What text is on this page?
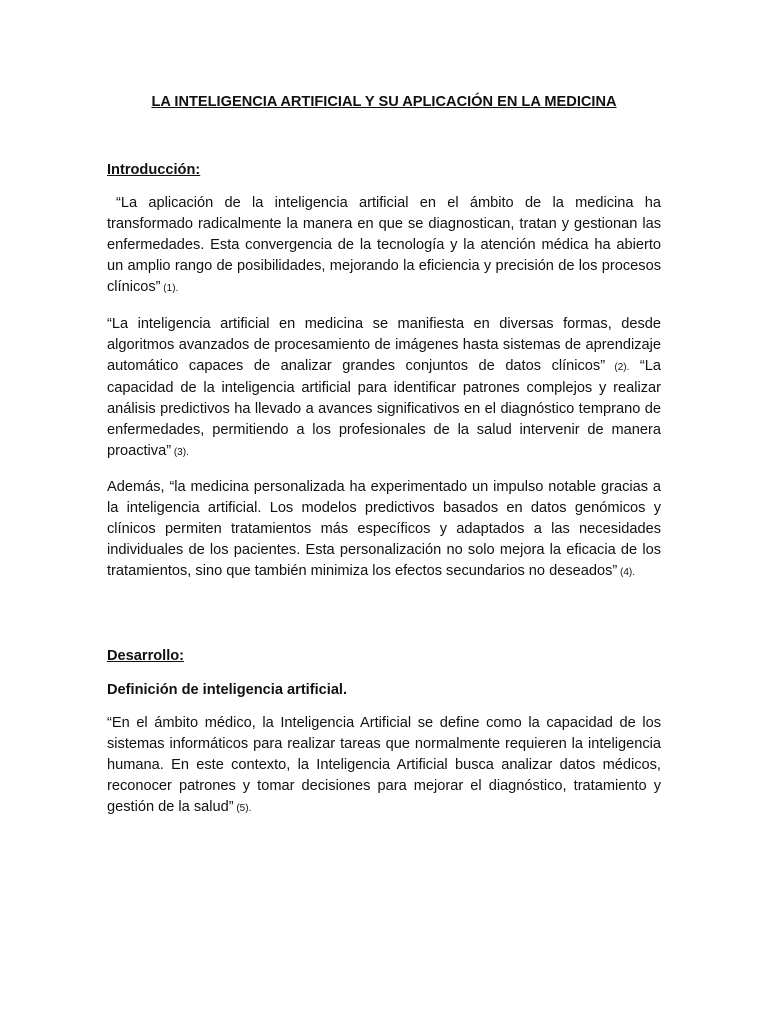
LA INTELIGENCIA ARTIFICIAL Y SU APLICACIÓN EN LA MEDICINA

Introducción:

“La aplicación de la inteligencia artificial en el ámbito de la medicina ha transformado radicalmente la manera en que se diagnostican, tratan y gestionan las enfermedades. Esta convergencia de la tecnología y la atención médica ha abierto un amplio rango de posibilidades, mejorando la eficiencia y precisión de los procesos clínicos” (1).

“La inteligencia artificial en medicina se manifiesta en diversas formas, desde algoritmos avanzados de procesamiento de imágenes hasta sistemas de aprendizaje automático capaces de analizar grandes conjuntos de datos clínicos” (2). “La capacidad de la inteligencia artificial para identificar patrones complejos y realizar análisis predictivos ha llevado a avances significativos en el diagnóstico temprano de enfermedades, permitiendo a los profesionales de la salud intervenir de manera proactiva” (3).

Además, “la medicina personalizada ha experimentado un impulso notable gracias a la inteligencia artificial. Los modelos predictivos basados en datos genómicos y clínicos permiten tratamientos más específicos y adaptados a las necesidades individuales de los pacientes. Esta personalización no solo mejora la eficacia de los tratamientos, sino que también minimiza los efectos secundarios no deseados” (4).

Desarrollo:

Definición de inteligencia artificial.

“En el ámbito médico, la Inteligencia Artificial se define como la capacidad de los sistemas informáticos para realizar tareas que normalmente requieren la inteligencia humana. En este contexto, la Inteligencia Artificial busca analizar datos médicos, reconocer patrones y tomar decisiones para mejorar el diagnóstico, tratamiento y gestión de la salud” (5).
